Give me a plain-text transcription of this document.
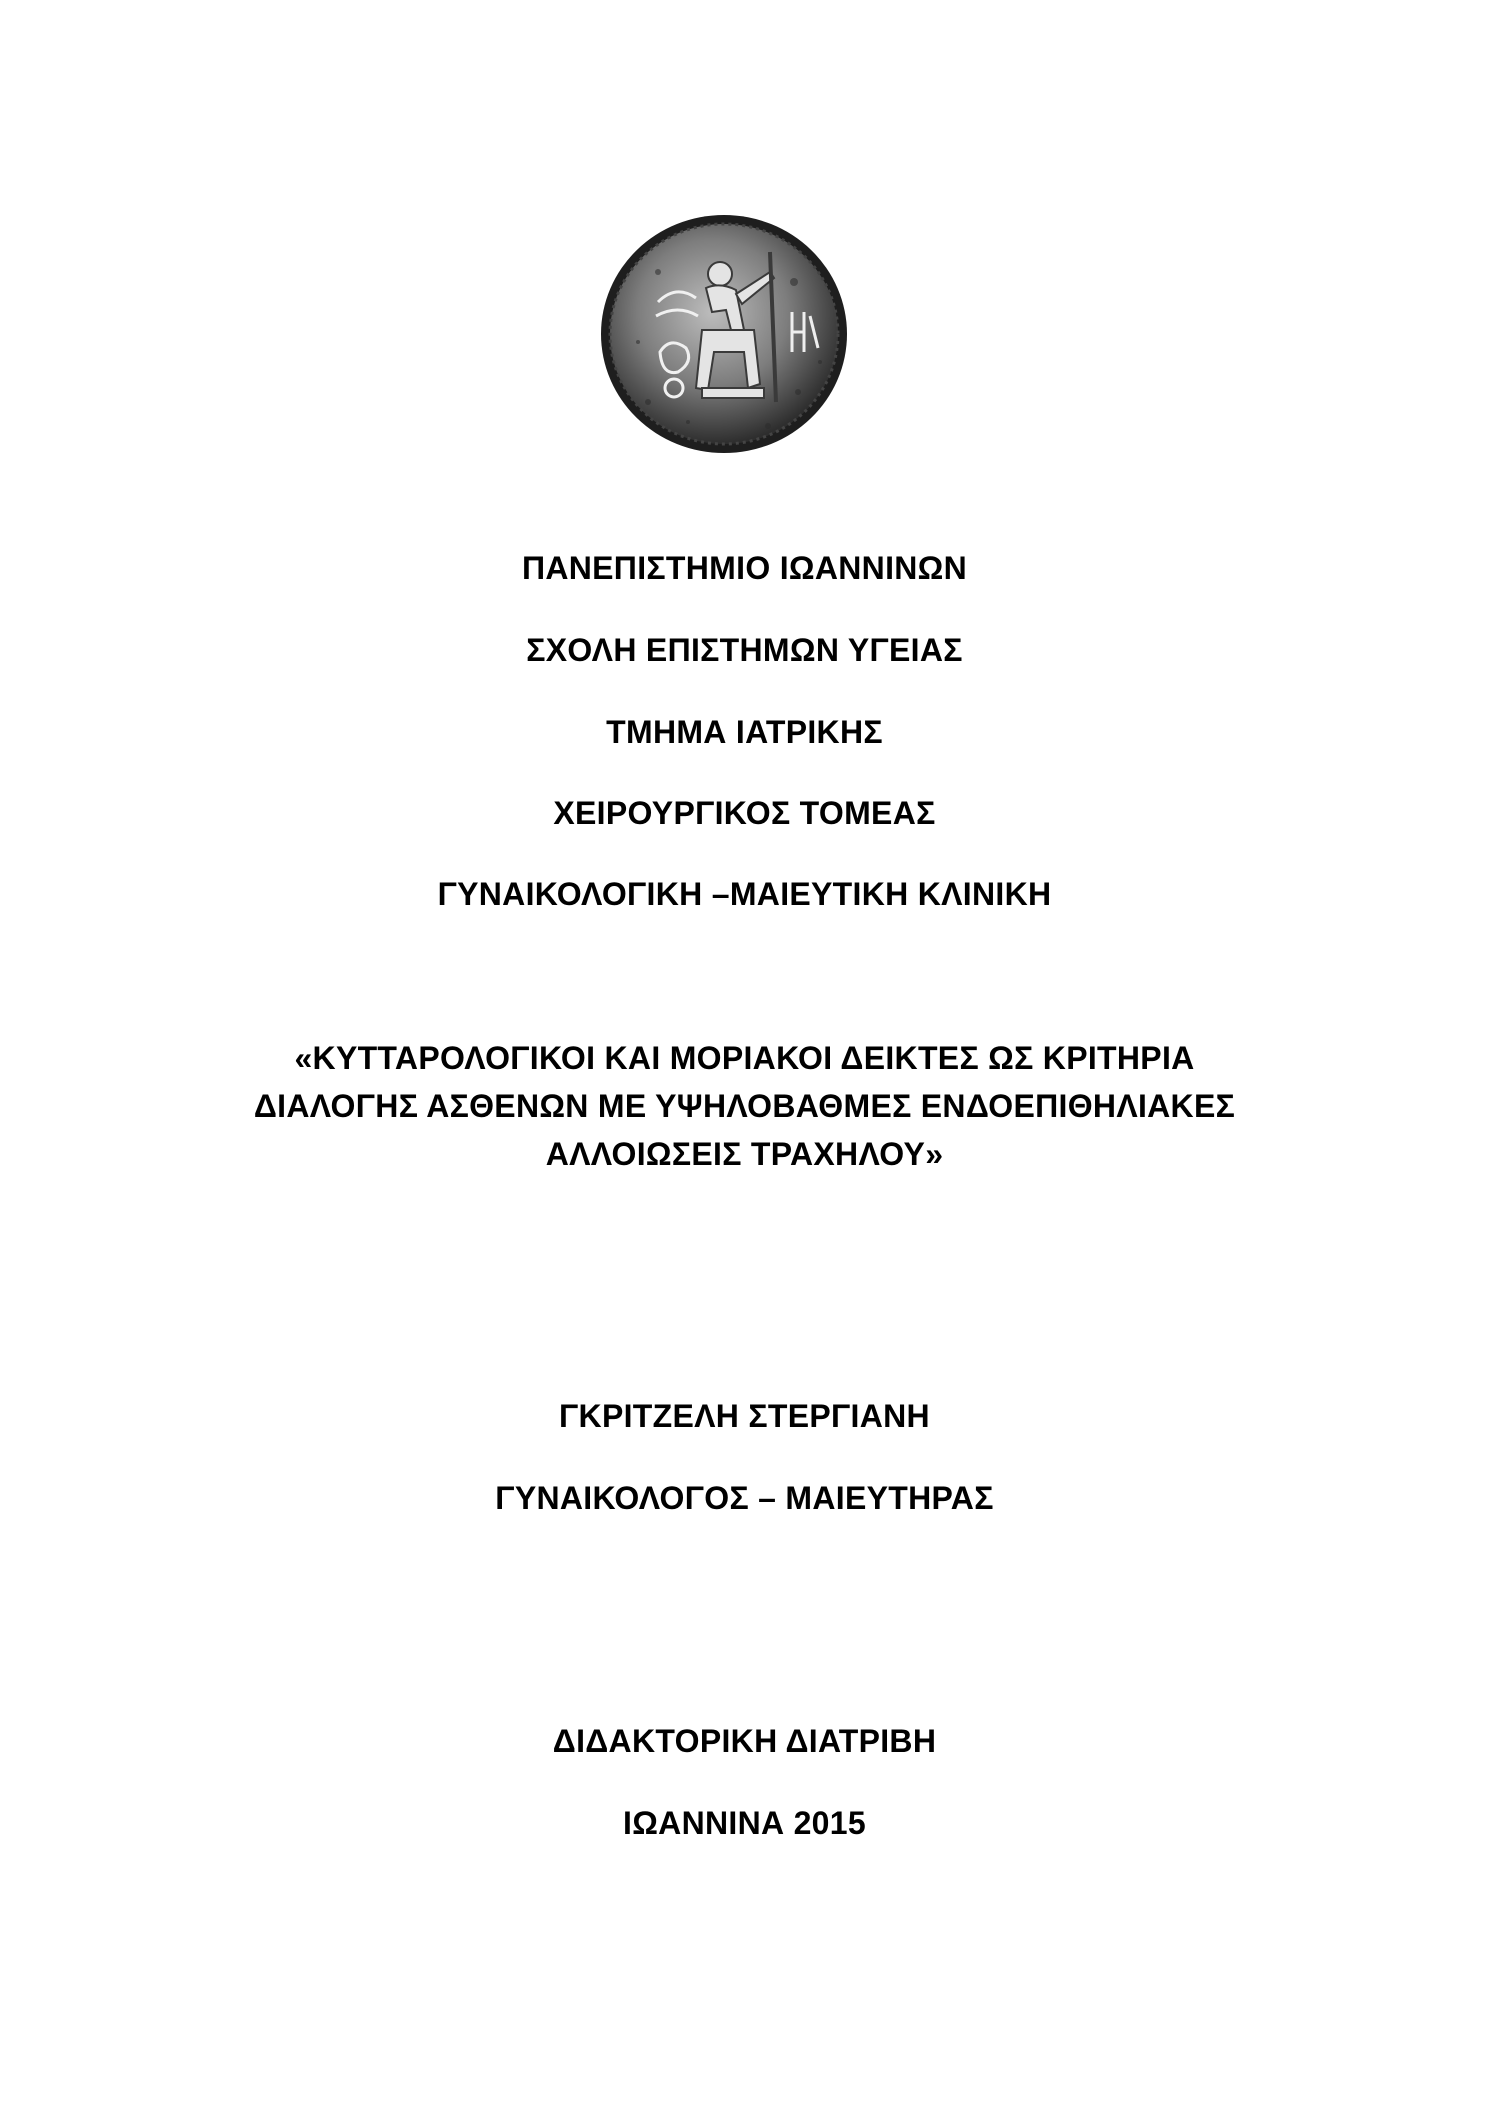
ΠΑΝΕΠΙΣΤΗΜΙΟ ΙΩΑΝΝΙΝΩΝ
ΣΧΟΛΗ ΕΠΙΣΤΗΜΩΝ ΥΓΕΙΑΣ
ΤΜΗΜΑ ΙΑΤΡΙΚΗΣ
ΧΕΙΡΟΥΡΓΙΚΟΣ ΤΟΜΕΑΣ
ΓΥΝΑΙΚΟΛΟΓΙΚΗ –ΜΑΙΕΥΤΙΚΗ ΚΛΙΝΙΚΗ
«ΚΥΤΤΑΡΟΛΟΓΙΚΟΙ ΚΑΙ ΜΟΡΙΑΚΟΙ ΔΕΙΚΤΕΣ ΩΣ ΚΡΙΤΗΡΙΑ
ΔΙΑΛΟΓΗΣ ΑΣΘΕΝΩΝ ΜΕ ΥΨΗΛΟΒΑΘΜΕΣ ΕΝΔΟΕΠΙΘΗΛΙΑΚΕΣ
ΑΛΛΟΙΩΣΕΙΣ ΤΡΑΧΗΛΟΥ»
ΓΚΡΙΤΖΕΛΗ ΣΤΕΡΓΙΑΝΗ
ΓΥΝΑΙΚΟΛΟΓΟΣ – ΜΑΙΕΥΤΗΡΑΣ
ΔΙΔΑΚΤΟΡΙΚΗ ΔΙΑΤΡΙΒΗ
ΙΩΑΝΝΙΝΑ 2015
